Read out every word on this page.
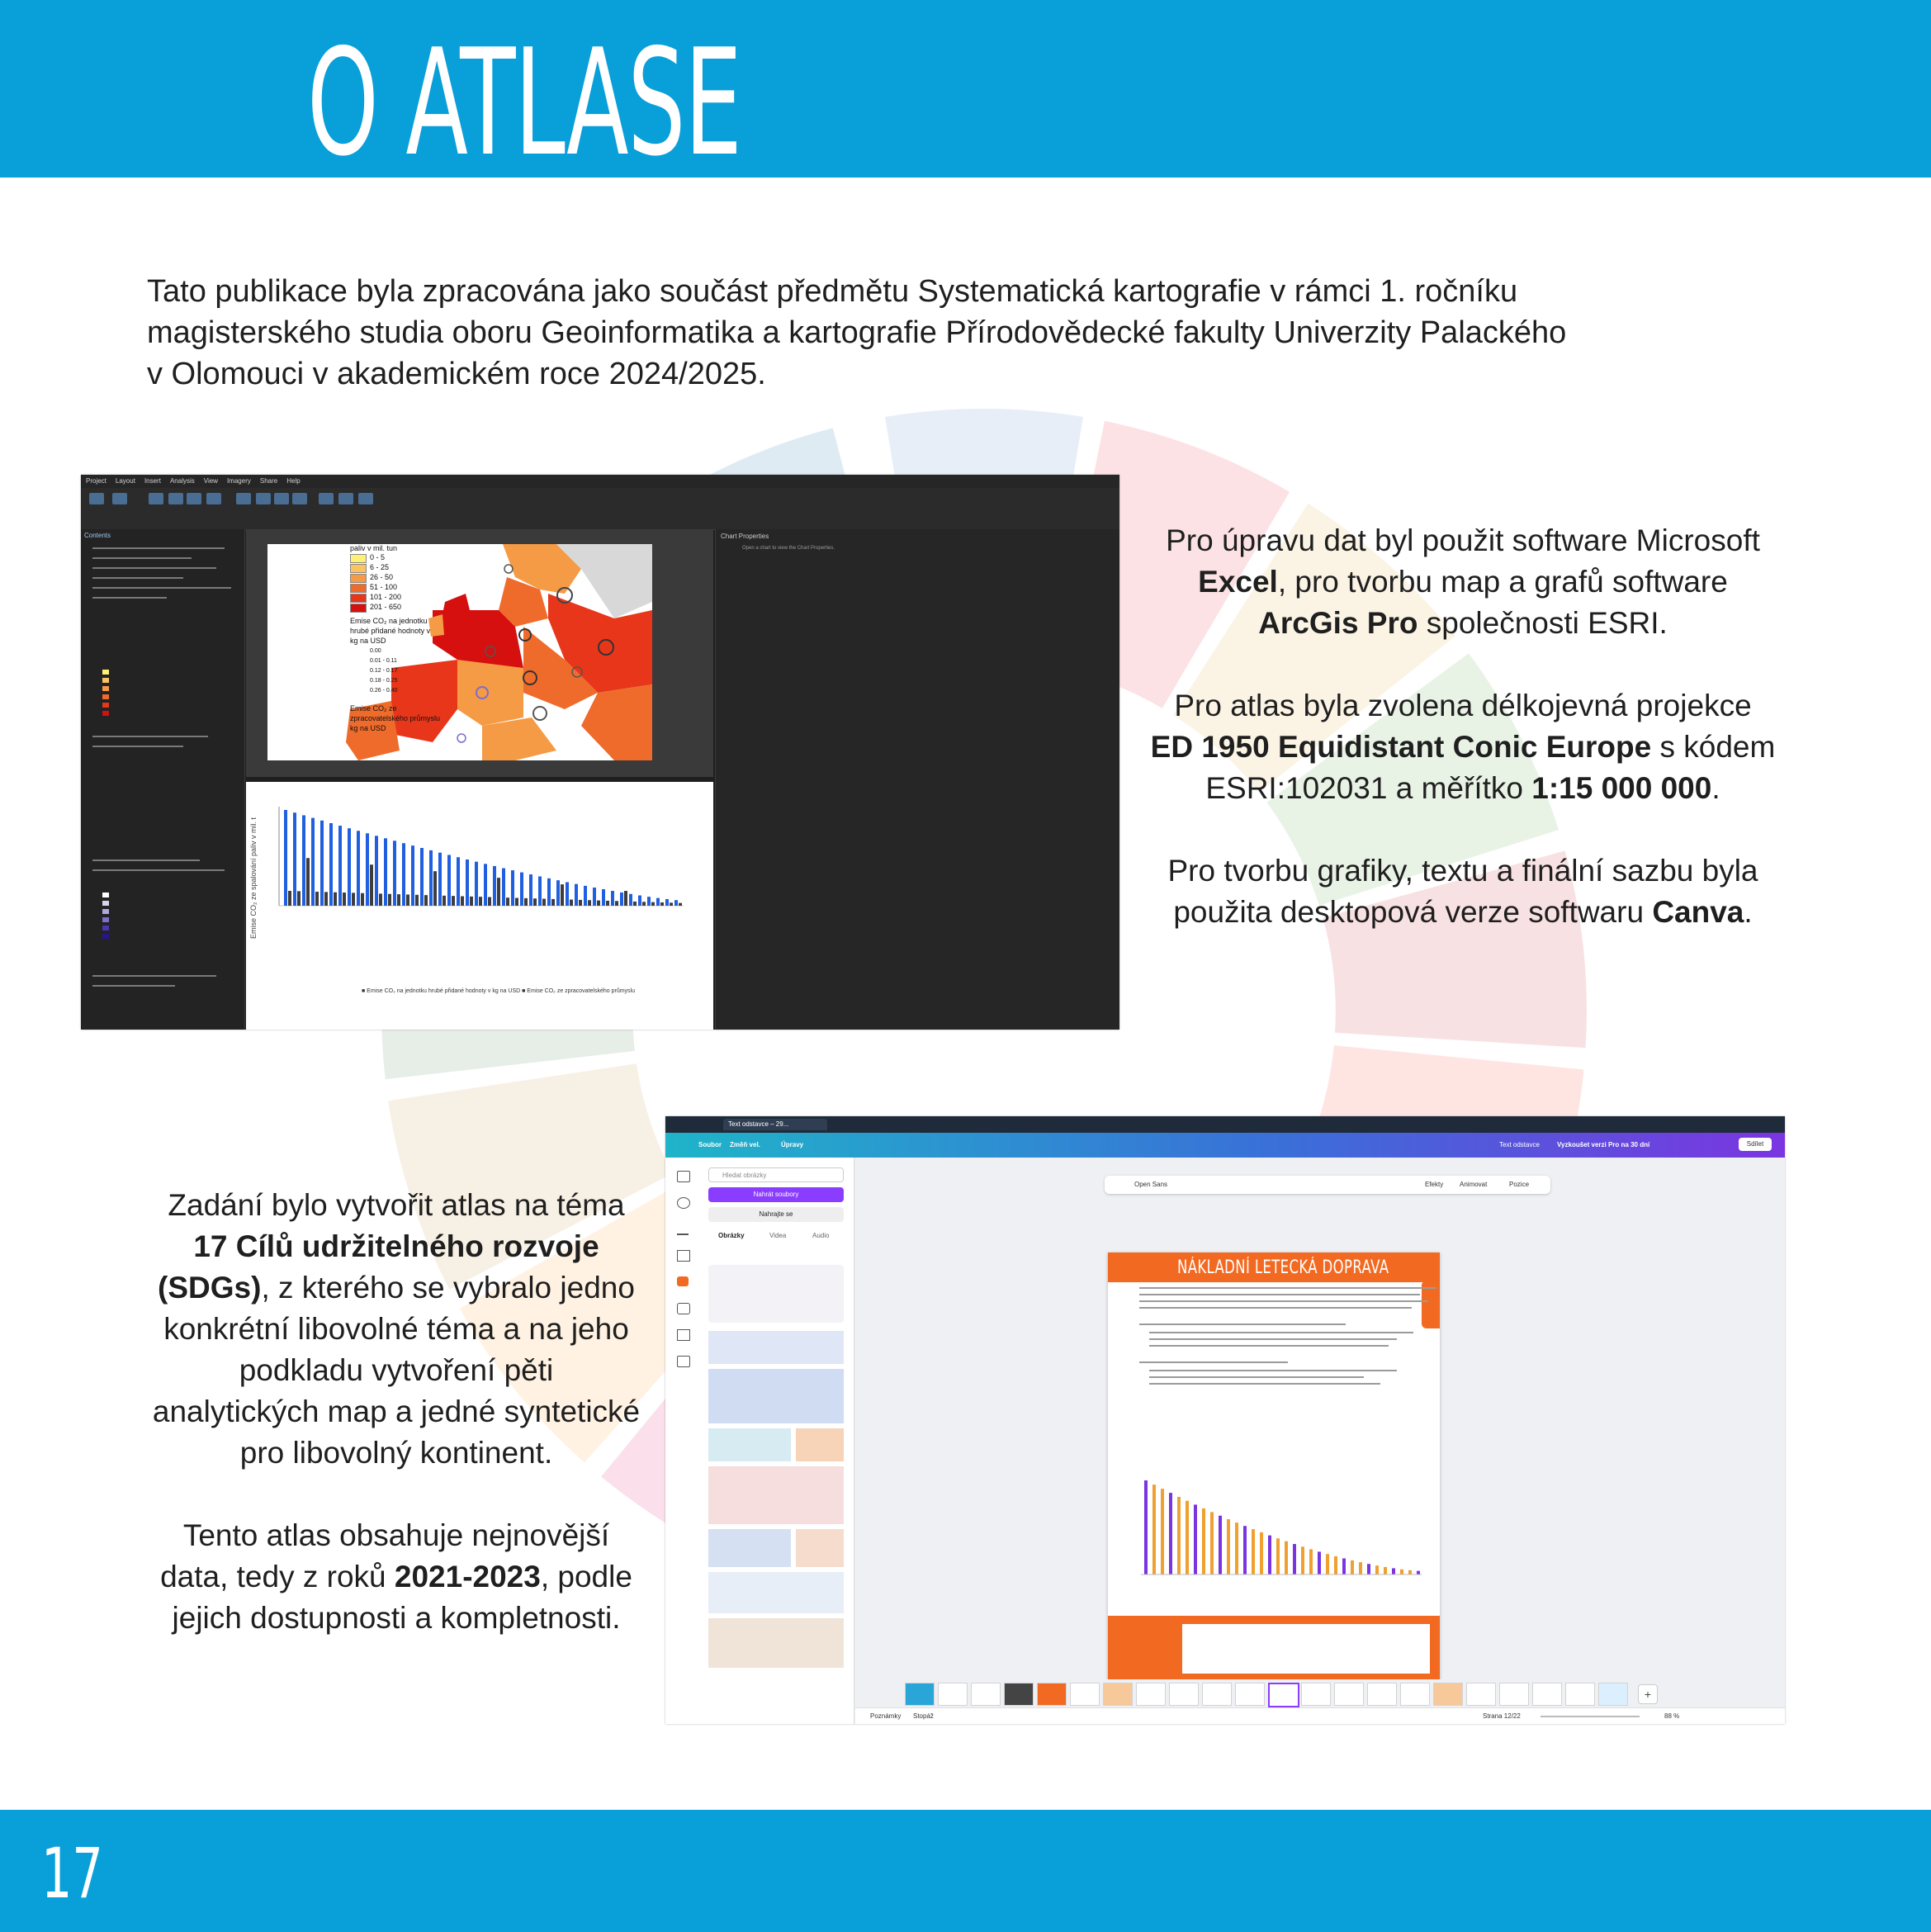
O ATLASE
Tato publikace byla zpracována jako součást předmětu Systematická kartografie v rámci 1. ročníku
magisterského studia oboru Geoinformatika a kartografie Přírodovědecké fakulty Univerzity Palackého
v Olomouci v akademickém roce 2024/2025.
Project Layout Insert Analysis View Imagery Share Help
Contents
paliv v mil. tun
0 - 5
6 - 25
26 - 50
51 - 100
101 - 200
201 - 650
Emise CO₂ na jednotku
hrubé přidané hodnoty v
kg na USD
0.00
0.01 - 0.11
0.12 - 0.17
0.18 - 0.25
0.26 - 0.40
Emise CO₂ ze
zpracovatelského průmyslu
kg na USD
Emise CO₂ ze spalování paliv v mil. t
■ Emise CO₂ na jednotku hrubé přidané hodnoty v kg na USD ■ Emise CO₂ ze zpracovatelského průmyslu
Chart Properties
Open a chart to view the Chart Properties.	Pro úpravu dat byl použit software Microsoft
Excel, pro tvorbu map a grafů software
ArcGis Pro společnosti ESRI.

Pro atlas byla zvolena délkojevná projekce
ED 1950 Equidistant Conic Europe s kódem
ESRI:102031 a měřítko 1:15 000 000.

Pro tvorbu grafiky, textu a finální sazbu byla
použita desktopová verze softwaru Canva.

Zadání bylo vytvořit atlas na téma
17 Cílů udržitelného rozvoje
(SDGs), z kterého se vybralo jedno
konkrétní libovolné téma a na jeho
podkladu vytvoření pěti
analytických map a jedné syntetické
pro libovolný kontinent.

Tento atlas obsahuje nejnovější
data, tedy z roků 2021-2023, podle
jejich dostupnosti a kompletnosti.

Text odstavce – 29...
Soubor Změň vel.	Úpravy	Text odstavce	Vyzkoušet verzi Pro na 30 dní	Sdílet
Hledat obrázky
Nahrát soubory
Nahrajte se
Obrázky	Videa	Audio
Open Sans	Efekty Animovat	Pozice
NÁKLADNÍ LETECKÁ DOPRAVA
+
Poznámky Stopáž	Strana 12/22	88 %
17
